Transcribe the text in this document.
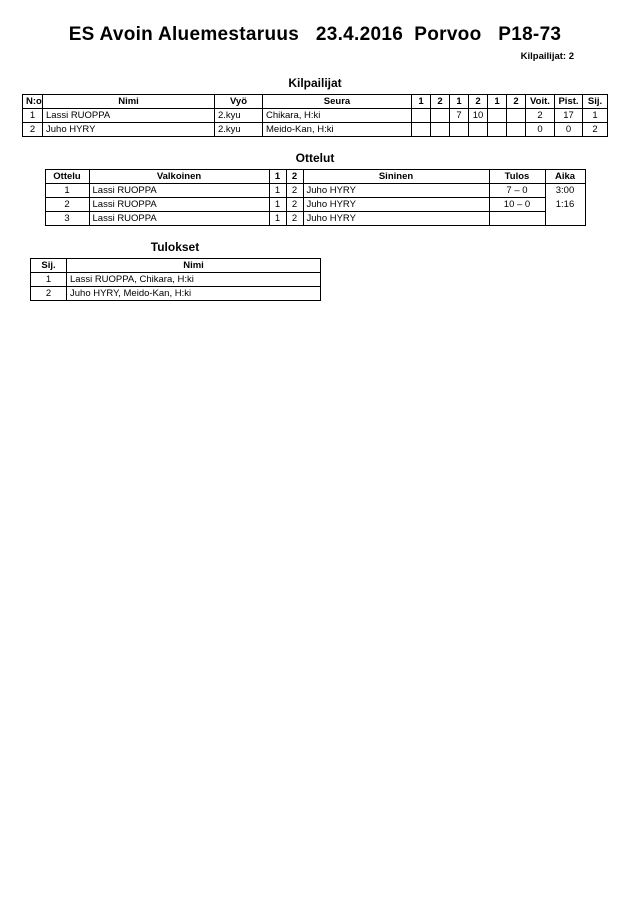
ES Avoin Aluemestaruus   23.4.2016  Porvoo   P18-73
Kilpailijat: 2
Kilpailijat
N:o	Nimi	Vyö	Seura	1	2	1	2	1	2	Voit.	Pist.	Sij.
1	Lassi RUOPPA	2.kyu	Chikara, H:ki			7	10			2	17	1
2	Juho HYRY	2.kyu	Meido-Kan, H:ki							0	0	2
Ottelut
Ottelu	Valkoinen	1	2	Sininen	Tulos	Aika
1	Lassi RUOPPA	1	2	Juho HYRY	7 – 0	3:00
2	Lassi RUOPPA	1	2	Juho HYRY	10 – 0	1:16
3	Lassi RUOPPA	1	2	Juho HYRY		
Tulokset
Sij.	Nimi
1	Lassi RUOPPA, Chikara, H:ki
2	Juho HYRY, Meido-Kan, H:ki
